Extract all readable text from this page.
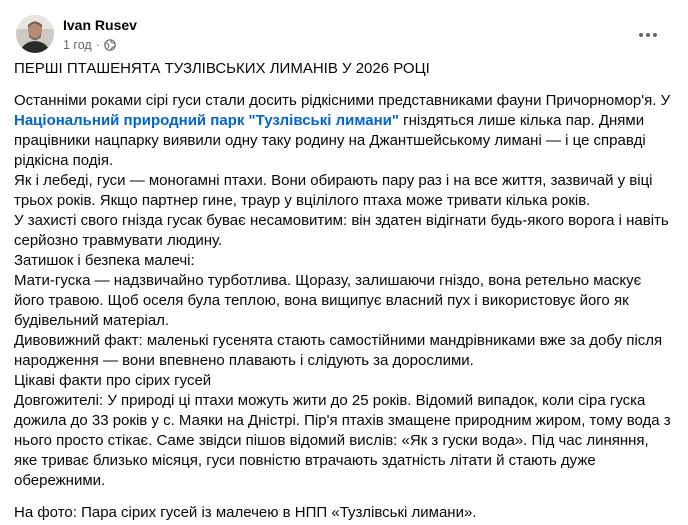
Ivan Rusev
1 год ·

ПЕРШІ ПТАШЕНЯТА ТУЗЛІВСЬКИХ ЛИМАНІВ У 2026 РОЦІ

Останніми роками сірі гуси стали досить рідкісними представниками фауни Причорномор'я. У Національний природний парк "Тузлівські лимани" гніздяться лише кілька пар. Днями працівники нацпарку виявили одну таку родину на Джантшейському лимані — і це справді рідкісна подія.

Як і лебеді, гуси — моногамні птахи. Вони обирають пару раз і на все життя, зазвичай у віці трьох років. Якщо партнер гине, траур у вцілілого птаха може тривати кілька років.

У захисті свого гнізда гусак буває несамовитим: він здатен відігнати будь-якого ворога і навіть серйозно травмувати людину.

Затишок і безпека малечі:

Мати-гуска — надзвичайно турботлива. Щоразу, залишаючи гніздо, вона ретельно маскує його травою. Щоб оселя була теплою, вона вищипує власний пух і використовує його як будівельний матеріал.

Дивовижний факт: маленькі гусенята стають самостійними мандрівниками вже за добу після народження — вони впевнено плавають і слідують за дорослими.

Цікаві факти про сірих гусей

Довгожителі: У природі ці птахи можуть жити до 25 років. Відомий випадок, коли сіра гуска дожила до 33 років у с. Маяки на Дністрі. Пір'я птахів змащене природним жиром, тому вода з нього просто стікає. Саме звідси пішов відомий вислів: «Як з гуски вода». Під час линяння, яке триває близько місяця, гуси повністю втрачають здатність літати й стають дуже обережними.

На фото: Пара сірих гусей із малечею в НПП «Тузлівські лимани».
